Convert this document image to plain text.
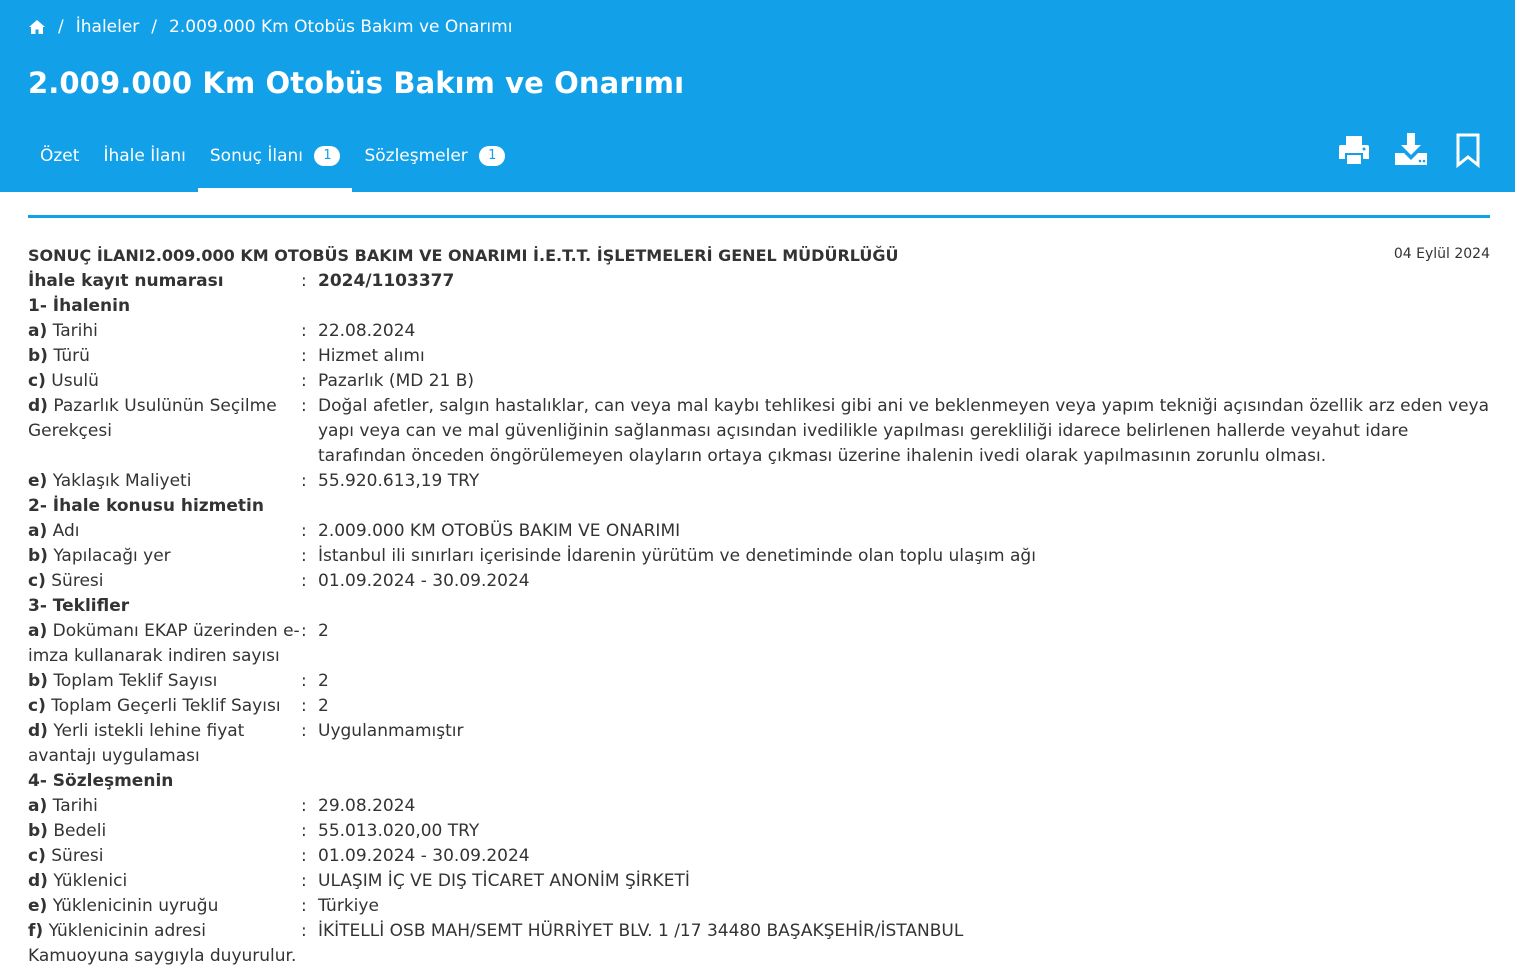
/ İhaleler / 2.009.000 Km Otobüs Bakım ve Onarımı
2.009.000 Km Otobüs Bakım ve Onarımı
Özet	İhale İlanı	Sonuç İlanı 1	Sözleşmeler 1
SONUÇ İLANI2.009.000 KM OTOBÜS BAKIM VE ONARIMI İ.E.T.T. İŞLETMELERİ GENEL MÜDÜRLÜĞÜ	04 Eylül 2024
İhale kayıt numarası	: 2024/1103377
1- İhalenin
a) Tarihi	: 22.08.2024
b) Türü	: Hizmet alımı
c) Usulü	: Pazarlık (MD 21 B)
d) Pazarlık Usulünün Seçilme Gerekçesi
: Doğal afetler, salgın hastalıklar, can veya mal kaybı tehlikesi gibi ani ve beklenmeyen veya yapım tekniği açısından özellik arz eden veya yapı veya can ve mal güvenliğinin sağlanması açısından ivedilikle yapılması gerekliliği idarece belirlenen hallerde veyahut idare tarafından önceden öngörülemeyen olayların ortaya çıkması üzerine ihalenin ivedi olarak yapılmasının zorunlu olması.
e) Yaklaşık Maliyeti	: 55.920.613,19 TRY
2- İhale konusu hizmetin
a) Adı	: 2.009.000 KM OTOBÜS BAKIM VE ONARIMI
b) Yapılacağı yer	: İstanbul ili sınırları içerisinde İdarenin yürütüm ve denetiminde olan toplu ulaşım ağı
c) Süresi	: 01.09.2024 - 30.09.2024
3- Teklifler
a) Dokümanı EKAP üzerinden e-imza kullanarak indiren sayısı
: 2
b) Toplam Teklif Sayısı	: 2
c) Toplam Geçerli Teklif Sayısı	: 2
d) Yerli istekli lehine fiyat avantajı uygulaması
: Uygulanmamıştır
4- Sözleşmenin
a) Tarihi	: 29.08.2024
b) Bedeli	: 55.013.020,00 TRY
c) Süresi	: 01.09.2024 - 30.09.2024
d) Yüklenici	: ULAŞIM İÇ VE DIŞ TİCARET ANONİM ŞİRKETİ
e) Yüklenicinin uyruğu	: Türkiye
f) Yüklenicinin adresi	: İKİTELLİ OSB MAH/SEMT HÜRRİYET BLV. 1 /17 34480 BAŞAKŞEHİR/İSTANBUL
Kamuoyuna saygıyla duyurulur.
